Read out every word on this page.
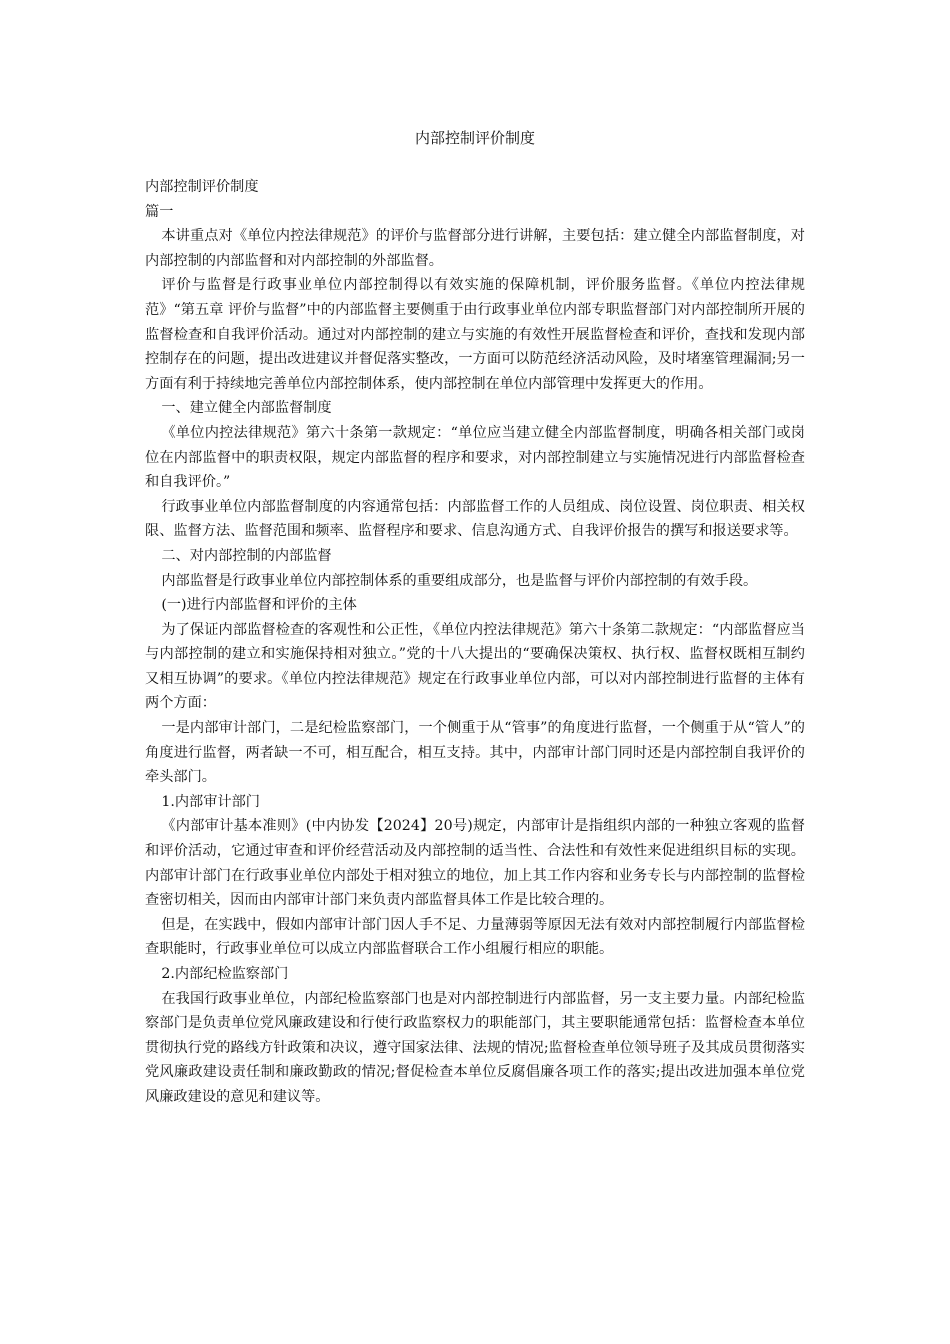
内部控制评价制度

内部控制评价制度

篇一

本讲重点对《单位内控法律规范》的评价与监督部分进行讲解，主要包括：建立健全内部监督制度，对内部控制的内部监督和对内部控制的外部监督。

评价与监督是行政事业单位内部控制得以有效实施的保障机制，评价服务监督。《单位内控法律规范》“第五章 评价与监督”中的内部监督主要侧重于由行政事业单位内部专职监督部门对内部控制所开展的监督检查和自我评价活动。通过对内部控制的建立与实施的有效性开展监督检查和评价，查找和发现内部控制存在的问题，提出改进建议并督促落实整改，一方面可以防范经济活动风险，及时堵塞管理漏洞;另一方面有利于持续地完善单位内部控制体系，使内部控制在单位内部管理中发挥更大的作用。

一、建立健全内部监督制度

《单位内控法律规范》第六十条第一款规定：“单位应当建立健全内部监督制度，明确各相关部门或岗位在内部监督中的职责权限，规定内部监督的程序和要求，对内部控制建立与实施情况进行内部监督检查和自我评价。”

行政事业单位内部监督制度的内容通常包括：内部监督工作的人员组成、岗位设置、岗位职责、相关权限、监督方法、监督范围和频率、监督程序和要求、信息沟通方式、自我评价报告的撰写和报送要求等。

二、对内部控制的内部监督

内部监督是行政事业单位内部控制体系的重要组成部分，也是监督与评价内部控制的有效手段。

(一)进行内部监督和评价的主体

为了保证内部监督检查的客观性和公正性，《单位内控法律规范》第六十条第二款规定：“内部监督应当与内部控制的建立和实施保持相对独立。”党的十八大提出的“要确保决策权、执行权、监督权既相互制约又相互协调”的要求。《单位内控法律规范》规定在行政事业单位内部，可以对内部控制进行监督的主体有两个方面：

一是内部审计部门，二是纪检监察部门，一个侧重于从“管事”的角度进行监督，一个侧重于从“管人”的角度进行监督，两者缺一不可，相互配合，相互支持。其中，内部审计部门同时还是内部控制自我评价的牵头部门。

1.内部审计部门

《内部审计基本准则》(中内协发【2024】20号)规定，内部审计是指组织内部的一种独立客观的监督和评价活动，它通过审查和评价经营活动及内部控制的适当性、合法性和有效性来促进组织目标的实现。内部审计部门在行政事业单位内部处于相对独立的地位，加上其工作内容和业务专长与内部控制的监督检查密切相关，因而由内部审计部门来负责内部监督具体工作是比较合理的。

但是，在实践中，假如内部审计部门因人手不足、力量薄弱等原因无法有效对内部控制履行内部监督检查职能时，行政事业单位可以成立内部监督联合工作小组履行相应的职能。

2.内部纪检监察部门

在我国行政事业单位，内部纪检监察部门也是对内部控制进行内部监督，另一支主要力量。内部纪检监察部门是负责单位党风廉政建设和行使行政监察权力的职能部门，其主要职能通常包括：监督检查本单位贯彻执行党的路线方针政策和决议，遵守国家法律、法规的情况;监督检查单位领导班子及其成员贯彻落实党风廉政建设责任制和廉政勤政的情况;督促检查本单位反腐倡廉各项工作的落实;提出改进加强本单位党风廉政建设的意见和建议等。
